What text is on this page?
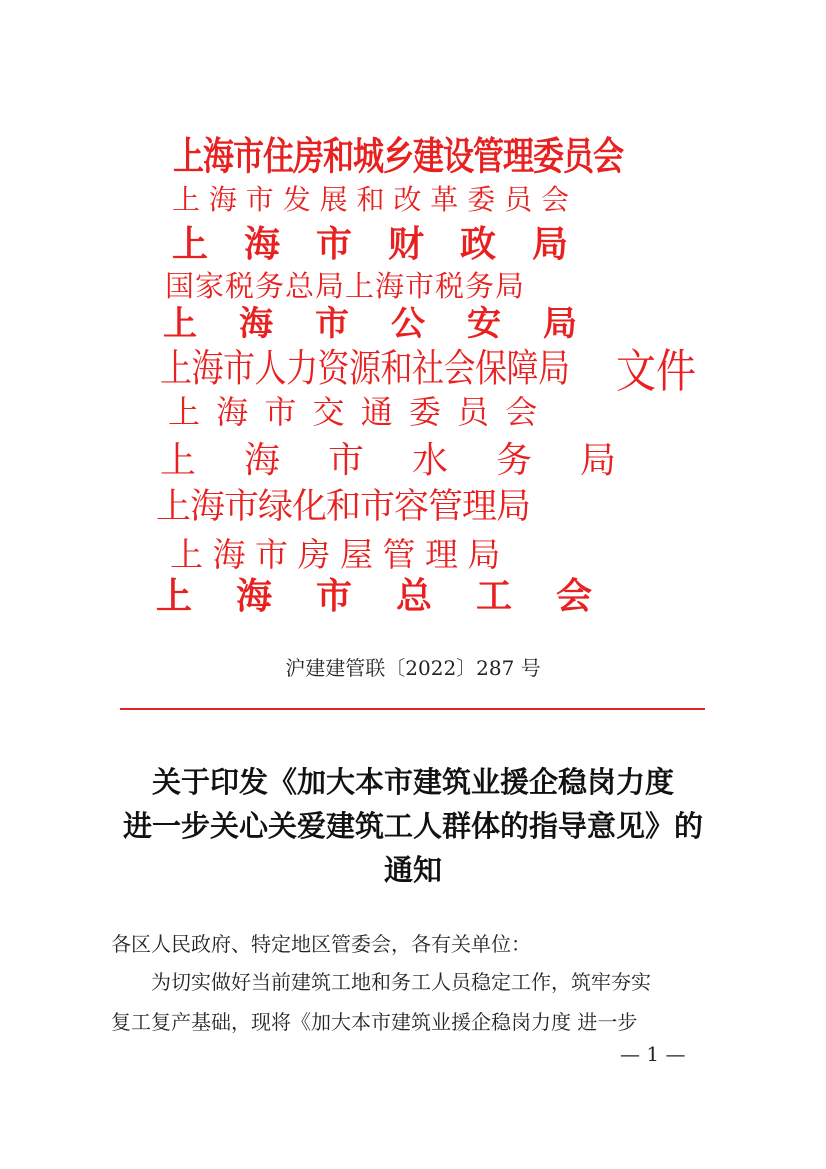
上海市住房和城乡建设管理委员会
上 海 市 发 展 和 改 革 委 员 会
上　海　市　财　政　局
国家税务总局上海市税务局
上　海　市　公　安　局
上海市人力资源和社会保障局 文件
上 海 市 交 通 委 员 会
上　海　市　水　务　局
上海市绿化和市容管理局
上 海 市 房 屋 管 理 局
上　海　市　总　工　会
沪建建管联〔2022〕287 号
关于印发《加大本市建筑业援企稳岗力度
进一步关心关爱建筑工人群体的指导意见》的
通知
各区人民政府、特定地区管委会，各有关单位：
为切实做好当前建筑工地和务工人员稳定工作，筑牢夯实
复工复产基础，现将《加大本市建筑业援企稳岗力度 进一步
— 1 —
